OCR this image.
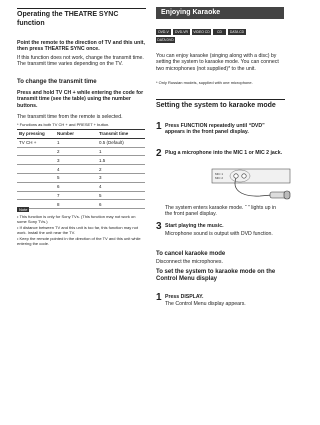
Operating the THEATRE SYNC function
Point the remote to the direction of TV and this unit, then press THEATRE SYNC once.
If this function does not work, change the transmit time. The transmit time varies depending on the TV.
To change the transmit time
Press and hold TV CH + while entering the code for transmit time (see the table) using the number buttons.
The transmit time from the remote is selected.
* Functions as both TV CH + and PRESET + button.
By pressing	Number	Transmit time
TV CH +	1	0.5 (Default)
	2	1
	3	1.5
	4	2
	5	3
	6	4
	7	5
	8	6
Note
• This function is only for Sony TVs. (This function may not work on some Sony TVs.)
• If distance between TV and this unit is too far, this function may not work. Install the unit near the TV.
• Keep the remote pointed in the direction of the TV and this unit while entering the code.
Enjoying Karaoke
DVD-V	DVD-VR	VIDEO CD	CD	DATA CD
DATA DVD
You can enjoy karaoke (singing along with a disc) by setting the system to karaoke mode. You can connect two microphones (not supplied)* to the unit.
* Only Russian models, supplied with one microphone.
Setting the system to karaoke mode
1 Press FUNCTION repeatedly until “DVD” appears in the front panel display.
2 Plug a microphone into the MIC 1 or MIC 2 jack.
MIC 1
MIC 2
The system enters karaoke mode. “ ” lights up in the front panel display.
3 Start playing the music.
Microphone sound is output with DVD function.
To cancel karaoke mode
Disconnect the microphones.
To set the system to karaoke mode on the Control Menu display
1 Press DISPLAY.
The Control Menu display appears.
